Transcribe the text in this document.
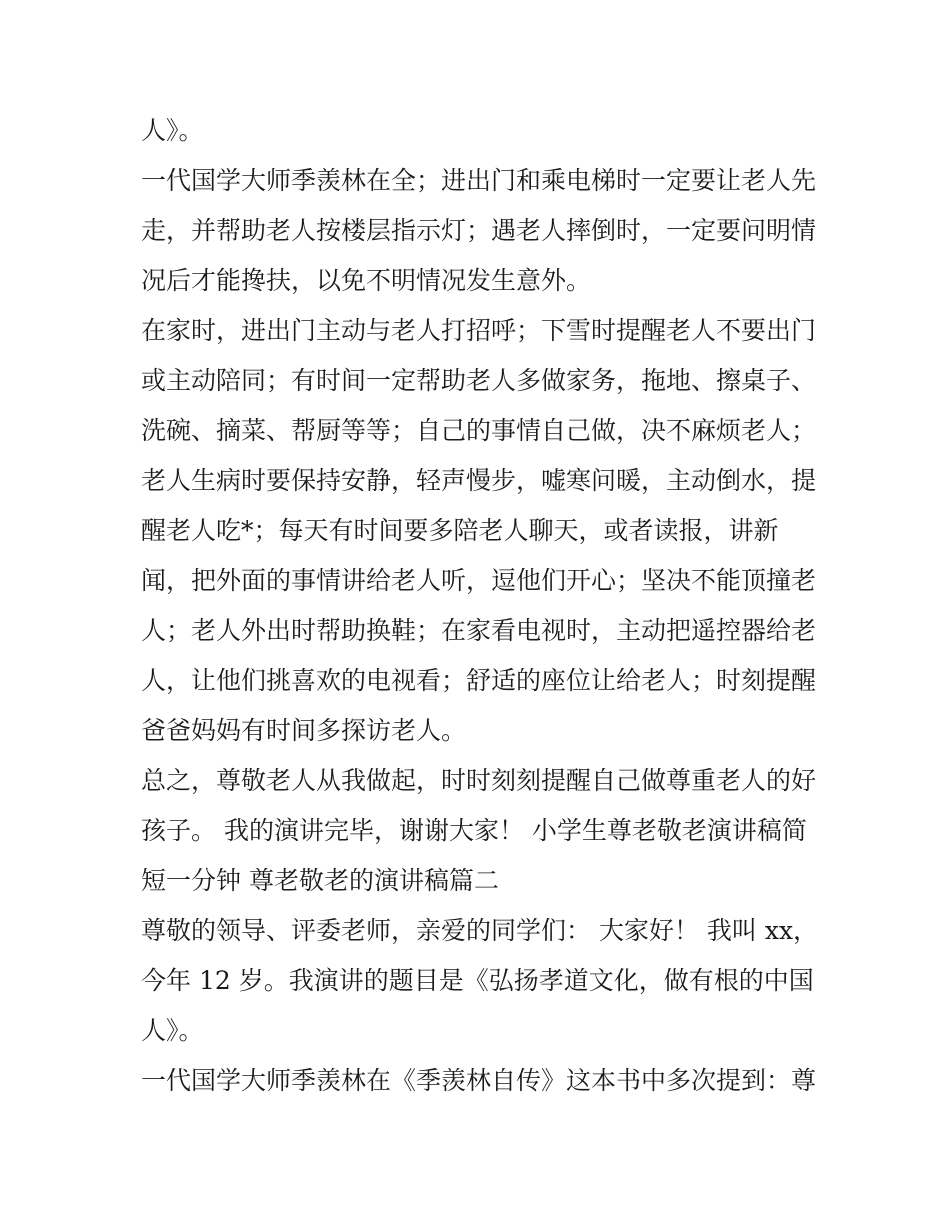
人》。
一代国学大师季羡林在全；进出门和乘电梯时一定要让老人先
走，并帮助老人按楼层指示灯；遇老人摔倒时，一定要问明情
况后才能搀扶，以免不明情况发生意外。
在家时，进出门主动与老人打招呼；下雪时提醒老人不要出门
或主动陪同；有时间一定帮助老人多做家务，拖地、擦桌子、
洗碗、摘菜、帮厨等等；自己的事情自己做，决不麻烦老人；
老人生病时要保持安静，轻声慢步，嘘寒问暖，主动倒水，提
醒老人吃*；每天有时间要多陪老人聊天，或者读报，讲新
闻，把外面的事情讲给老人听，逗他们开心；坚决不能顶撞老
人；老人外出时帮助换鞋；在家看电视时，主动把遥控器给老
人，让他们挑喜欢的电视看；舒适的座位让给老人；时刻提醒
爸爸妈妈有时间多探访老人。
总之，尊敬老人从我做起，时时刻刻提醒自己做尊重老人的好
孩子。 我的演讲完毕，谢谢大家！ 小学生尊老敬老演讲稿简
短一分钟 尊老敬老的演讲稿篇二
尊敬的领导、评委老师，亲爱的同学们： 大家好！ 我叫 xx，
今年 12 岁。我演讲的题目是《弘扬孝道文化，做有根的中国
人》。
一代国学大师季羡林在《季羡林自传》这本书中多次提到：尊
